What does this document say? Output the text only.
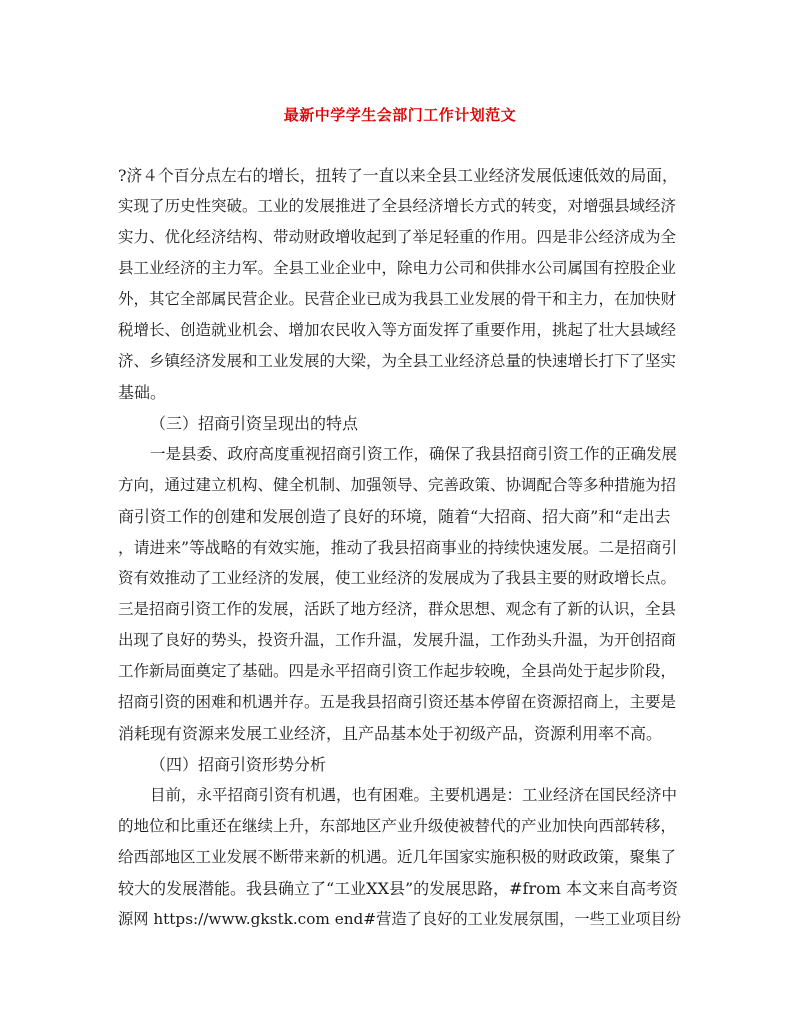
最新中学学生会部门工作计划范文
?济４个百分点左右的增长，扭转了一直以来全县工业经济发展低速低效的局面，
实现了历史性突破。工业的发展推进了全县经济增长方式的转变，对增强县域经济
实力、优化经济结构、带动财政增收起到了举足轻重的作用。四是非公经济成为全
县工业经济的主力军。全县工业企业中，除电力公司和供排水公司属国有控股企业
外，其它全部属民营企业。民营企业已成为我县工业发展的骨干和主力，在加快财
税增长、创造就业机会、增加农民收入等方面发挥了重要作用，挑起了壮大县域经
济、乡镇经济发展和工业发展的大梁，为全县工业经济总量的快速增长打下了坚实
基础。
（三）招商引资呈现出的特点
一是县委、政府高度重视招商引资工作，确保了我县招商引资工作的正确发展
方向，通过建立机构、健全机制、加强领导、完善政策、协调配合等多种措施为招
商引资工作的创建和发展创造了良好的环境，随着“大招商、招大商”和“走出去
，请进来”等战略的有效实施，推动了我县招商事业的持续快速发展。二是招商引
资有效推动了工业经济的发展，使工业经济的发展成为了我县主要的财政增长点。
三是招商引资工作的发展，活跃了地方经济，群众思想、观念有了新的认识，全县
出现了良好的势头，投资升温，工作升温，发展升温，工作劲头升温，为开创招商
工作新局面奠定了基础。四是永平招商引资工作起步较晚，全县尚处于起步阶段，
招商引资的困难和机遇并存。五是我县招商引资还基本停留在资源招商上，主要是
消耗现有资源来发展工业经济，且产品基本处于初级产品，资源利用率不高。
（四）招商引资形势分析
目前，永平招商引资有机遇，也有困难。主要机遇是：工业经济在国民经济中
的地位和比重还在继续上升，东部地区产业升级使被替代的产业加快向西部转移，
给西部地区工业发展不断带来新的机遇。近几年国家实施积极的财政政策，聚集了
较大的发展潜能。我县确立了“工业XX县”的发展思路，#from 本文来自高考资
源网 https://www.gkstk.com end#营造了良好的工业发展氛围，一些工业项目纷
